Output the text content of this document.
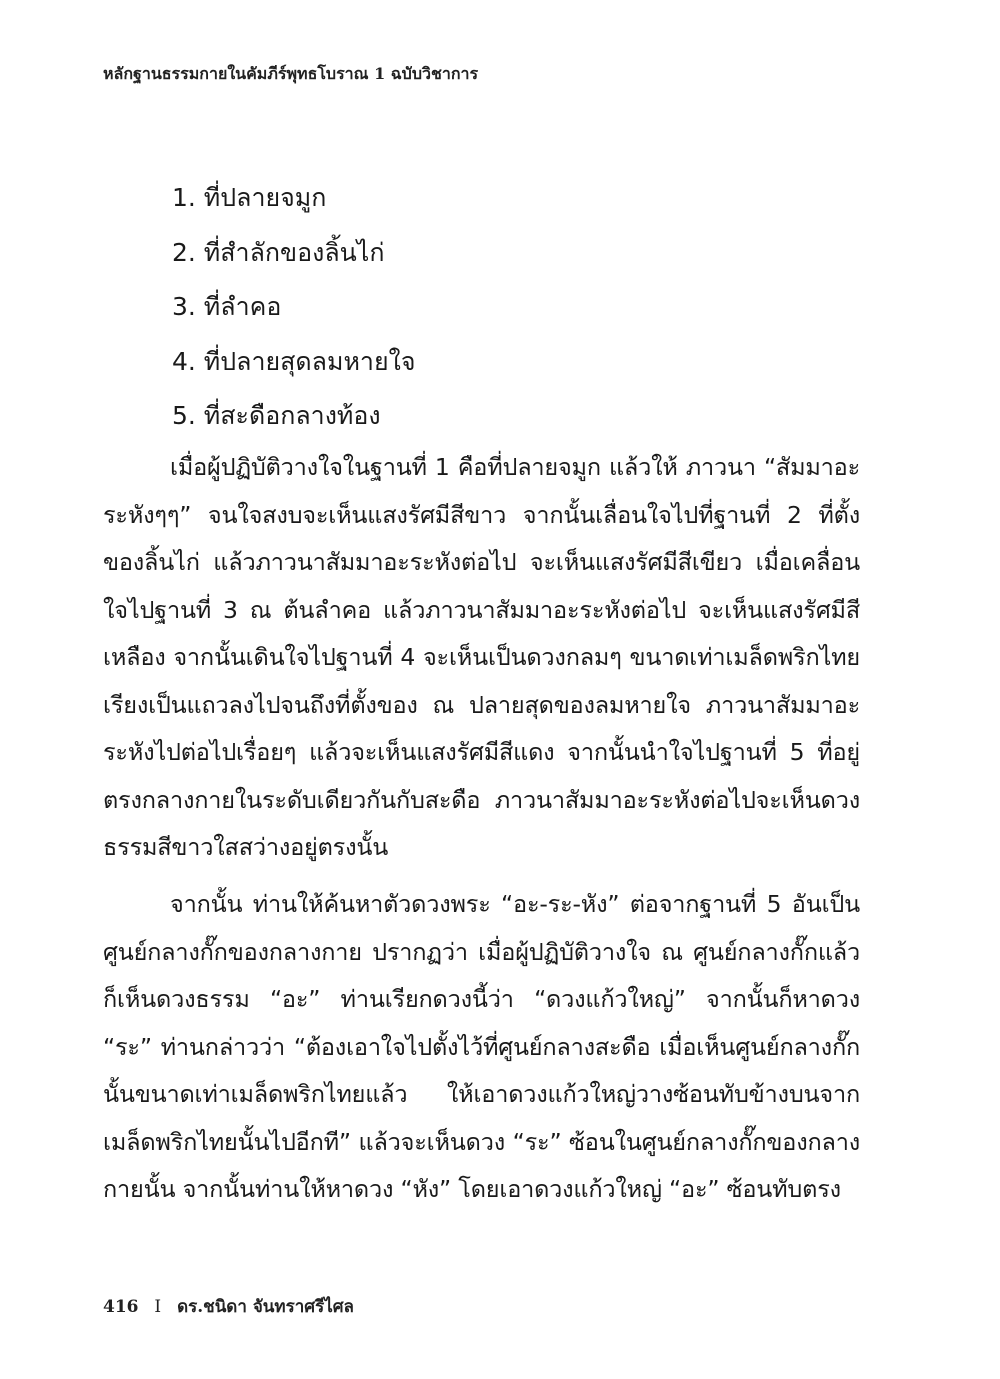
หลักฐานธรรมกายในคัมภีร์พุทธโบราณ 1 ฉบับวิชาการ
1. ที่ปลายจมูก
2. ที่สำลักของลิ้นไก่
3. ที่ลำคอ
4. ที่ปลายสุดลมหายใจ
5. ที่สะดือกลางท้อง

เมื่อผู้ปฏิบัติวางใจในฐานที่ 1 คือที่ปลายจมูก แล้วให้ ภาวนา “สัมมาอะระหังๆๆ” จนใจสงบจะเห็นแสงรัศมีสีขาว จากนั้นเลื่อนใจไปที่ฐานที่ 2 ที่ตั้งของลิ้นไก่ แล้วภาวนาสัมมาอะระหังต่อไป จะเห็นแสงรัศมีสีเขียว เมื่อเคลื่อนใจไปฐานที่ 3 ณ ต้นลำคอ แล้วภาวนาสัมมาอะระหังต่อไป จะเห็นแสงรัศมีสีเหลือง จากนั้นเดินใจไปฐานที่ 4 จะเห็นเป็นดวงกลมๆ ขนาดเท่าเมล็ดพริกไทย เรียงเป็นแถวลงไปจนถึงที่ตั้งของ ณ ปลายสุดของลมหายใจ ภาวนาสัมมาอะระหังไปต่อไปเรื่อยๆ แล้วจะเห็นแสงรัศมีสีแดง จากนั้นนำใจไปฐานที่ 5 ที่อยู่ตรงกลางกายในระดับเดียวกันกับสะดือ ภาวนาสัมมาอะระหังต่อไปจะเห็นดวงธรรมสีขาวใสสว่างอยู่ตรงนั้น

จากนั้น ท่านให้ค้นหาตัวดวงพระ “อะ-ระ-หัง” ต่อจากฐานที่ 5 อันเป็นศูนย์กลางกั๊กของกลางกาย ปรากฏว่า เมื่อผู้ปฏิบัติวางใจ ณ ศูนย์กลางกั๊กแล้วก็เห็นดวงธรรม “อะ” ท่านเรียกดวงนี้ว่า “ดวงแก้วใหญ่” จากนั้นก็หาดวง “ระ” ท่านกล่าวว่า “ต้องเอาใจไปตั้งไว้ที่ศูนย์กลางสะดือ เมื่อเห็นศูนย์กลางกั๊กนั้นขนาดเท่าเมล็ดพริกไทยแล้ว ให้เอาดวงแก้วใหญ่วางซ้อนทับข้างบนจากเมล็ดพริกไทยนั้นไปอีกที” แล้วจะเห็นดวง “ระ” ซ้อนในศูนย์กลางกั๊กของกลางกายนั้น จากนั้นท่านให้หาดวง “หัง” โดยเอาดวงแก้วใหญ่ “อะ” ซ้อนทับตรง

416 I ดร.ชนิดา จันทราศรีไศล
